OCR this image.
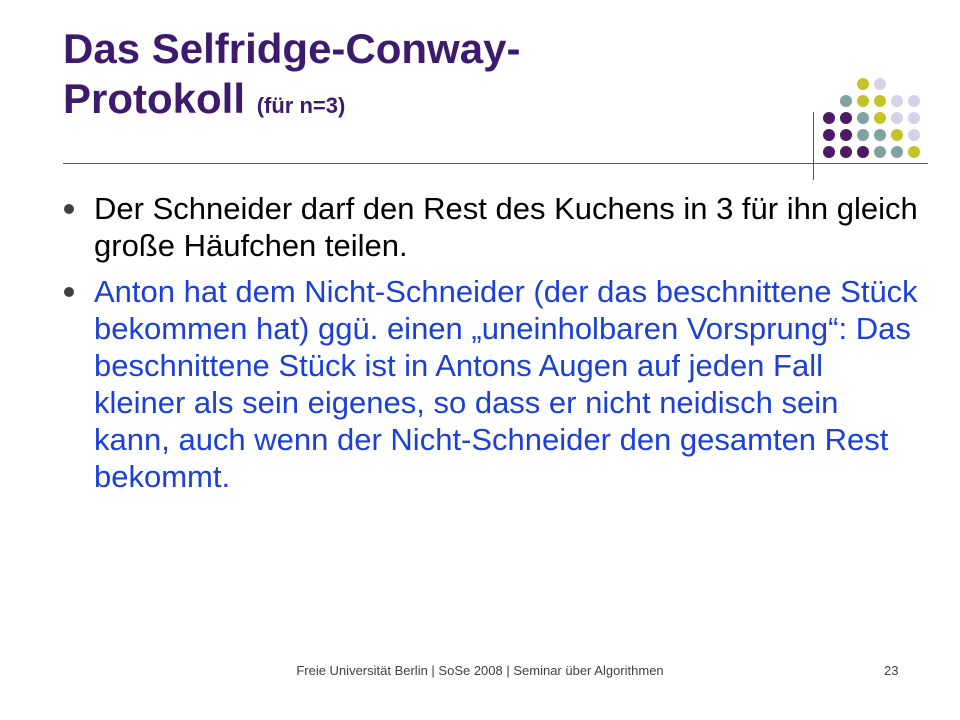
Das Selfridge-Conway-
Protokoll (für n=3)
Der Schneider darf den Rest des Kuchens in 3 für ihn gleich große Häufchen teilen.
Anton hat dem Nicht-Schneider (der das beschnittene Stück bekommen hat) ggü. einen „uneinholbaren Vorsprung“: Das beschnittene Stück ist in Antons Augen auf jeden Fall kleiner als sein eigenes, so dass er nicht neidisch sein kann, auch wenn der Nicht-Schneider den gesamten Rest bekommt.
Freie Universität Berlin | SoSe 2008 | Seminar über Algorithmen	23
